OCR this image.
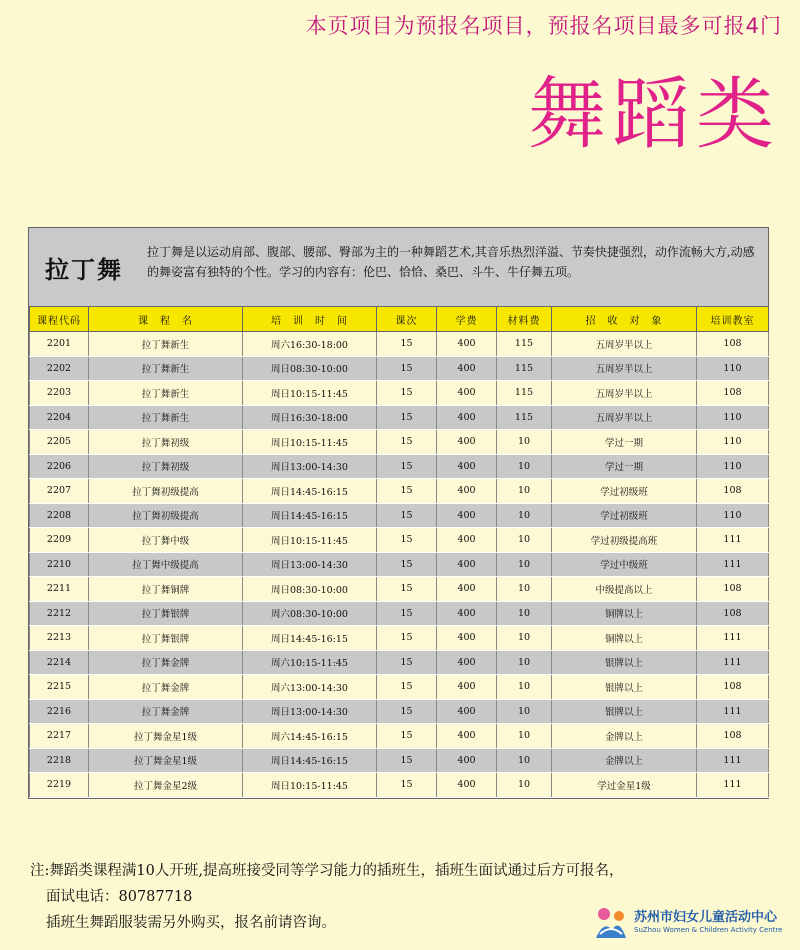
本页项目为预报名项目，预报名项目最多可报4门
舞蹈类
拉丁舞
拉丁舞是以运动肩部、腹部、腰部、臀部为主的一种舞蹈艺术,其音乐热烈洋溢、节奏快捷强烈，动作流畅大方,动感的舞姿富有独特的个性。学习的内容有：伦巴、恰恰、桑巴、斗牛、牛仔舞五项。
课程代码	课　程　名	培　训　时　间	课次	学费	材料费	招　收　对　象	培训教室
2201	拉丁舞新生	周六16:30-18:00	15	400	115	五周岁半以上	108
2202	拉丁舞新生	周日08:30-10:00	15	400	115	五周岁半以上	110
2203	拉丁舞新生	周日10:15-11:45	15	400	115	五周岁半以上	108
2204	拉丁舞新生	周日16:30-18:00	15	400	115	五周岁半以上	110
2205	拉丁舞初级	周日10:15-11:45	15	400	10	学过一期	110
2206	拉丁舞初级	周日13:00-14:30	15	400	10	学过一期	110
2207	拉丁舞初级提高	周日14:45-16:15	15	400	10	学过初级班	108
2208	拉丁舞初级提高	周日14:45-16:15	15	400	10	学过初级班	110
2209	拉丁舞中级	周日10:15-11:45	15	400	10	学过初级提高班	111
2210	拉丁舞中级提高	周日13:00-14:30	15	400	10	学过中级班	111
2211	拉丁舞铜牌	周日08:30-10:00	15	400	10	中级提高以上	108
2212	拉丁舞银牌	周六08:30-10:00	15	400	10	铜牌以上	108
2213	拉丁舞银牌	周日14:45-16:15	15	400	10	铜牌以上	111
2214	拉丁舞金牌	周六10:15-11:45	15	400	10	银牌以上	111
2215	拉丁舞金牌	周六13:00-14:30	15	400	10	银牌以上	108
2216	拉丁舞金牌	周日13:00-14:30	15	400	10	银牌以上	111
2217	拉丁舞金星1级	周六14:45-16:15	15	400	10	金牌以上	108
2218	拉丁舞金星1级	周日14:45-16:15	15	400	10	金牌以上	111
2219	拉丁舞金星2级	周日10:15-11:45	15	400	10	学过金星1级	111
注:舞蹈类课程满10人开班,提高班接受同等学习能力的插班生，插班生面试通过后方可报名，
面试电话：80787718
插班生舞蹈服装需另外购买，报名前请咨询。	苏州市妇女儿童活动中心
SuZhou Women & Children Activity Centre
